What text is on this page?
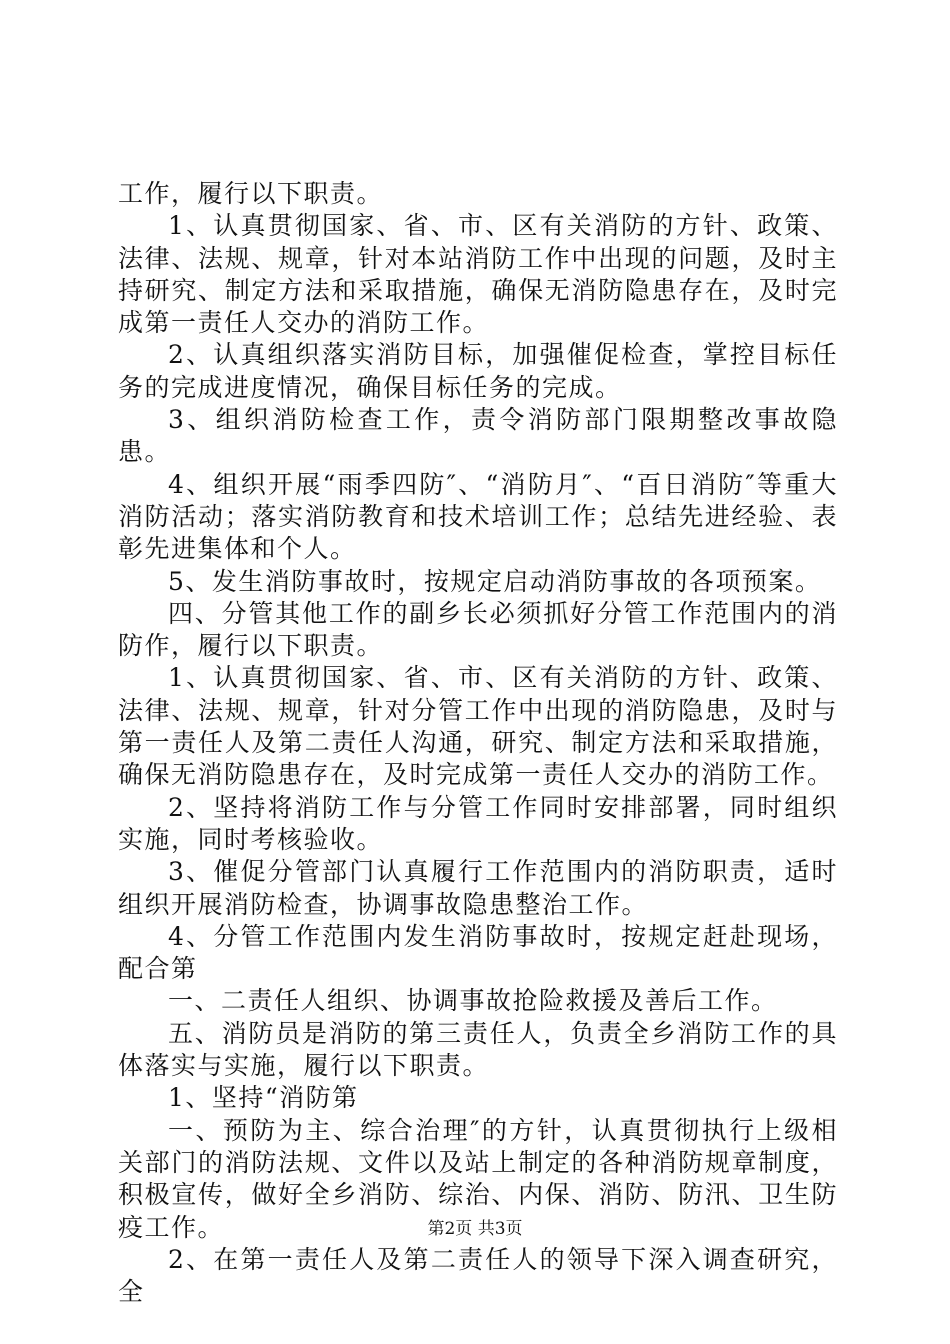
工作，履行以下职责。

1、认真贯彻国家、省、市、区有关消防的方针、政策、法律、法规、规章，针对本站消防工作中出现的问题，及时主持研究、制定方法和采取措施，确保无消防隐患存在，及时完成第一责任人交办的消防工作。

2、认真组织落实消防目标，加强催促检查，掌控目标任务的完成进度情况，确保目标任务的完成。

3、组织消防检查工作，责令消防部门限期整改事故隐患。

4、组织开展“雨季四防″、“消防月″、“百日消防″等重大消防活动；落实消防教育和技术培训工作；总结先进经验、表彰先进集体和个人。

5、发生消防事故时，按规定启动消防事故的各项预案。

四、分管其他工作的副乡长必须抓好分管工作范围内的消防作，履行以下职责。

1、认真贯彻国家、省、市、区有关消防的方针、政策、法律、法规、规章，针对分管工作中出现的消防隐患，及时与第一责任人及第二责任人沟通，研究、制定方法和采取措施，确保无消防隐患存在，及时完成第一责任人交办的消防工作。

2、坚持将消防工作与分管工作同时安排部署，同时组织实施，同时考核验收。

3、催促分管部门认真履行工作范围内的消防职责，适时组织开展消防检查，协调事故隐患整治工作。

4、分管工作范围内发生消防事故时，按规定赶赴现场，配合第

一、二责任人组织、协调事故抢险救援及善后工作。

五、消防员是消防的第三责任人，负责全乡消防工作的具体落实与实施，履行以下职责。

1、坚持“消防第

一、预防为主、综合治理″的方针，认真贯彻执行上级相关部门的消防法规、文件以及站上制定的各种消防规章制度，积极宣传，做好全乡消防、综治、内保、消防、防汛、卫生防疫工作。

2、在第一责任人及第二责任人的领导下深入调查研究，全

第2页 共3页
